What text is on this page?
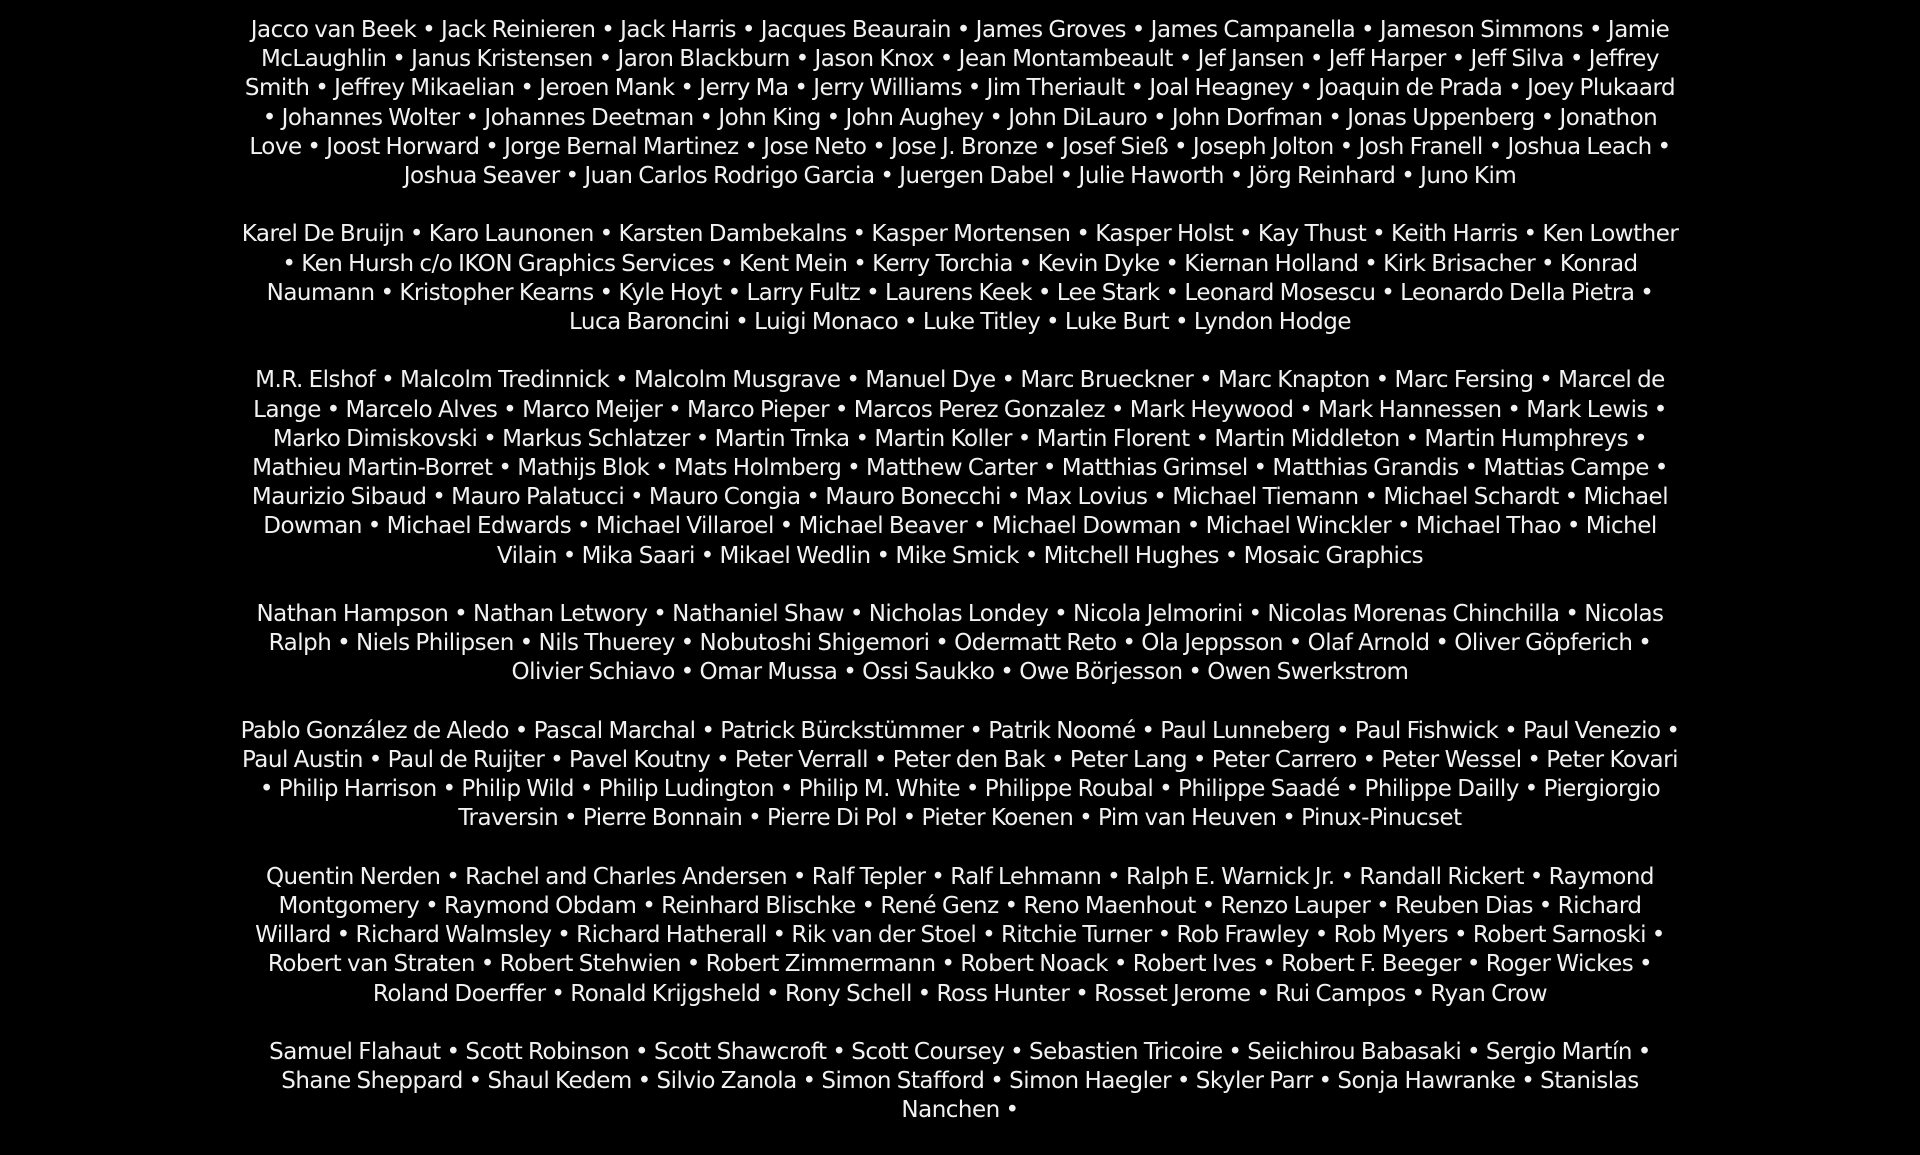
Jacco van Beek • Jack Reinieren • Jack Harris • Jacques Beaurain • James Groves • James Campanella • Jameson Simmons • Jamie McLaughlin • Janus Kristensen • Jaron Blackburn • Jason Knox • Jean Montambeault • Jef Jansen • Jeff Harper • Jeff Silva • Jeffrey Smith • Jeffrey Mikaelian • Jeroen Mank • Jerry Ma • Jerry Williams • Jim Theriault • Joal Heagney • Joaquin de Prada • Joey Plukaard • Johannes Wolter • Johannes Deetman • John King • John Aughey • John DiLauro • John Dorfman • Jonas Uppenberg • Jonathon Love • Joost Horward • Jorge Bernal Martinez • Jose Neto • Jose J. Bronze • Josef Sieß • Joseph Jolton • Josh Franell • Joshua Leach • Joshua Seaver • Juan Carlos Rodrigo Garcia • Juergen Dabel • Julie Haworth • Jörg Reinhard • Juno Kim

Karel De Bruijn • Karo Launonen • Karsten Dambekalns • Kasper Mortensen • Kasper Holst • Kay Thust • Keith Harris • Ken Lowther • Ken Hursh c/o IKON Graphics Services • Kent Mein • Kerry Torchia • Kevin Dyke • Kiernan Holland • Kirk Brisacher • Konrad Naumann • Kristopher Kearns • Kyle Hoyt • Larry Fultz • Laurens Keek • Lee Stark • Leonard Mosescu • Leonardo Della Pietra • Luca Baroncini • Luigi Monaco • Luke Titley • Luke Burt • Lyndon Hodge

M.R. Elshof • Malcolm Tredinnick • Malcolm Musgrave • Manuel Dye • Marc Brueckner • Marc Knapton • Marc Fersing • Marcel de Lange • Marcelo Alves • Marco Meijer • Marco Pieper • Marcos Perez Gonzalez • Mark Heywood • Mark Hannessen • Mark Lewis • Marko Dimiskovski • Markus Schlatzer • Martin Trnka • Martin Koller • Martin Florent • Martin Middleton • Martin Humphreys • Mathieu Martin-Borret • Mathijs Blok • Mats Holmberg • Matthew Carter • Matthias Grimsel • Matthias Grandis • Mattias Campe • Maurizio Sibaud • Mauro Palatucci • Mauro Congia • Mauro Bonecchi • Max Lovius • Michael Tiemann • Michael Schardt • Michael Dowman • Michael Edwards • Michael Villaroel • Michael Beaver • Michael Dowman • Michael Winckler • Michael Thao • Michel Vilain • Mika Saari • Mikael Wedlin • Mike Smick • Mitchell Hughes • Mosaic Graphics

Nathan Hampson • Nathan Letwory • Nathaniel Shaw • Nicholas Londey • Nicola Jelmorini • Nicolas Morenas Chinchilla • Nicolas Ralph • Niels Philipsen • Nils Thuerey • Nobutoshi Shigemori • Odermatt Reto • Ola Jeppsson • Olaf Arnold • Oliver Göpferich • Olivier Schiavo • Omar Mussa • Ossi Saukko • Owe Börjesson • Owen Swerkstrom

Pablo González de Aledo • Pascal Marchal • Patrick Bürckstümmer • Patrik Noomé • Paul Lunneberg • Paul Fishwick • Paul Venezio • Paul Austin • Paul de Ruijter • Pavel Koutny • Peter Verrall • Peter den Bak • Peter Lang • Peter Carrero • Peter Wessel • Peter Kovari • Philip Harrison • Philip Wild • Philip Ludington • Philip M. White • Philippe Roubal • Philippe Saadé • Philippe Dailly • Piergiorgio Traversin • Pierre Bonnain • Pierre Di Pol • Pieter Koenen • Pim van Heuven • Pinux-Pinucset

Quentin Nerden • Rachel and Charles Andersen • Ralf Tepler • Ralf Lehmann • Ralph E. Warnick Jr. • Randall Rickert • Raymond Montgomery • Raymond Obdam • Reinhard Blischke • René Genz • Reno Maenhout • Renzo Lauper • Reuben Dias • Richard Willard • Richard Walmsley • Richard Hatherall • Rik van der Stoel • Ritchie Turner • Rob Frawley • Rob Myers • Robert Sarnoski • Robert van Straten • Robert Stehwien • Robert Zimmermann • Robert Noack • Robert Ives • Robert F. Beeger • Roger Wickes • Roland Doerffer • Ronald Krijgsheld • Rony Schell • Ross Hunter • Rosset Jerome • Rui Campos • Ryan Crow

Samuel Flahaut • Scott Robinson • Scott Shawcroft • Scott Coursey • Sebastien Tricoire • Seiichirou Babasaki • Sergio Martín • Shane Sheppard • Shaul Kedem • Silvio Zanola • Simon Stafford • Simon Haegler • Skyler Parr • Sonja Hawranke • Stanislas Nanchen •
